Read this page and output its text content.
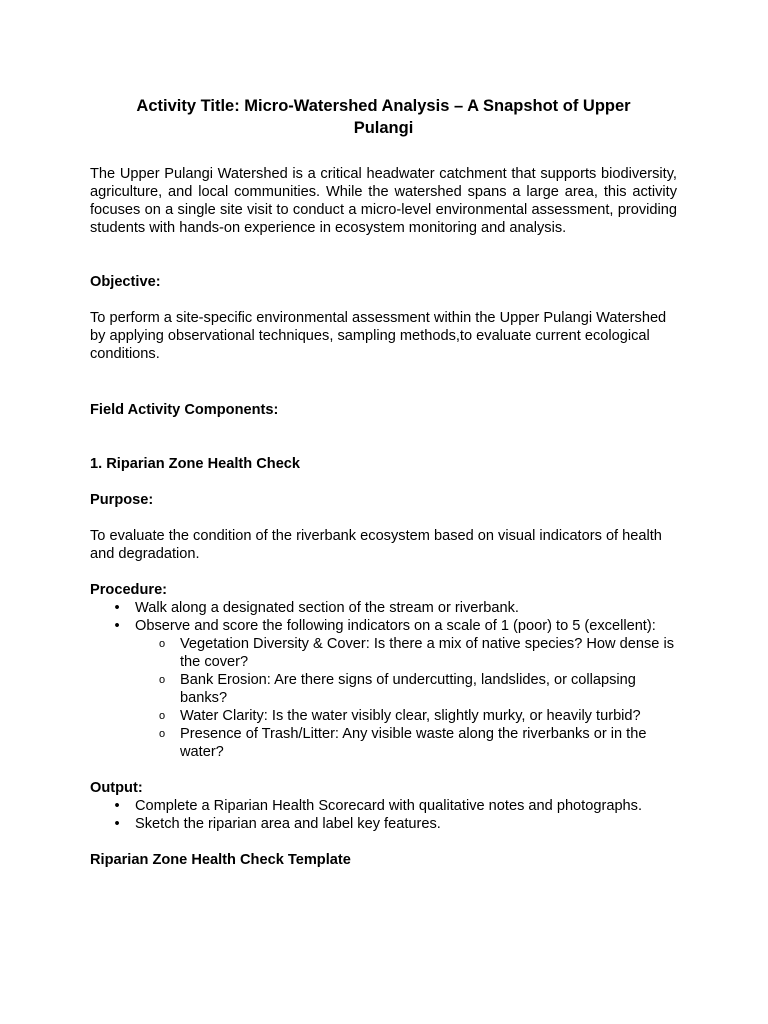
Activity Title: Micro-Watershed Analysis – A Snapshot of Upper Pulangi

The Upper Pulangi Watershed is a critical headwater catchment that supports biodiversity, agriculture, and local communities. While the watershed spans a large area, this activity focuses on a single site visit to conduct a micro-level environmental assessment, providing students with hands-on experience in ecosystem monitoring and analysis.

Objective:

To perform a site-specific environmental assessment within the Upper Pulangi Watershed by applying observational techniques, sampling methods,to evaluate current ecological conditions.

Field Activity Components:

1. Riparian Zone Health Check

Purpose:

To evaluate the condition of the riverbank ecosystem based on visual indicators of health and degradation.

Procedure:

• Walk along a designated section of the stream or riverbank.
• Observe and score the following indicators on a scale of 1 (poor) to 5 (excellent):
o Vegetation Diversity & Cover: Is there a mix of native species? How dense is the cover?
o Bank Erosion: Are there signs of undercutting, landslides, or collapsing banks?
o Water Clarity: Is the water visibly clear, slightly murky, or heavily turbid?
o Presence of Trash/Litter: Any visible waste along the riverbanks or in the water?

Output:

• Complete a Riparian Health Scorecard with qualitative notes and photographs.
• Sketch the riparian area and label key features.

Riparian Zone Health Check Template
